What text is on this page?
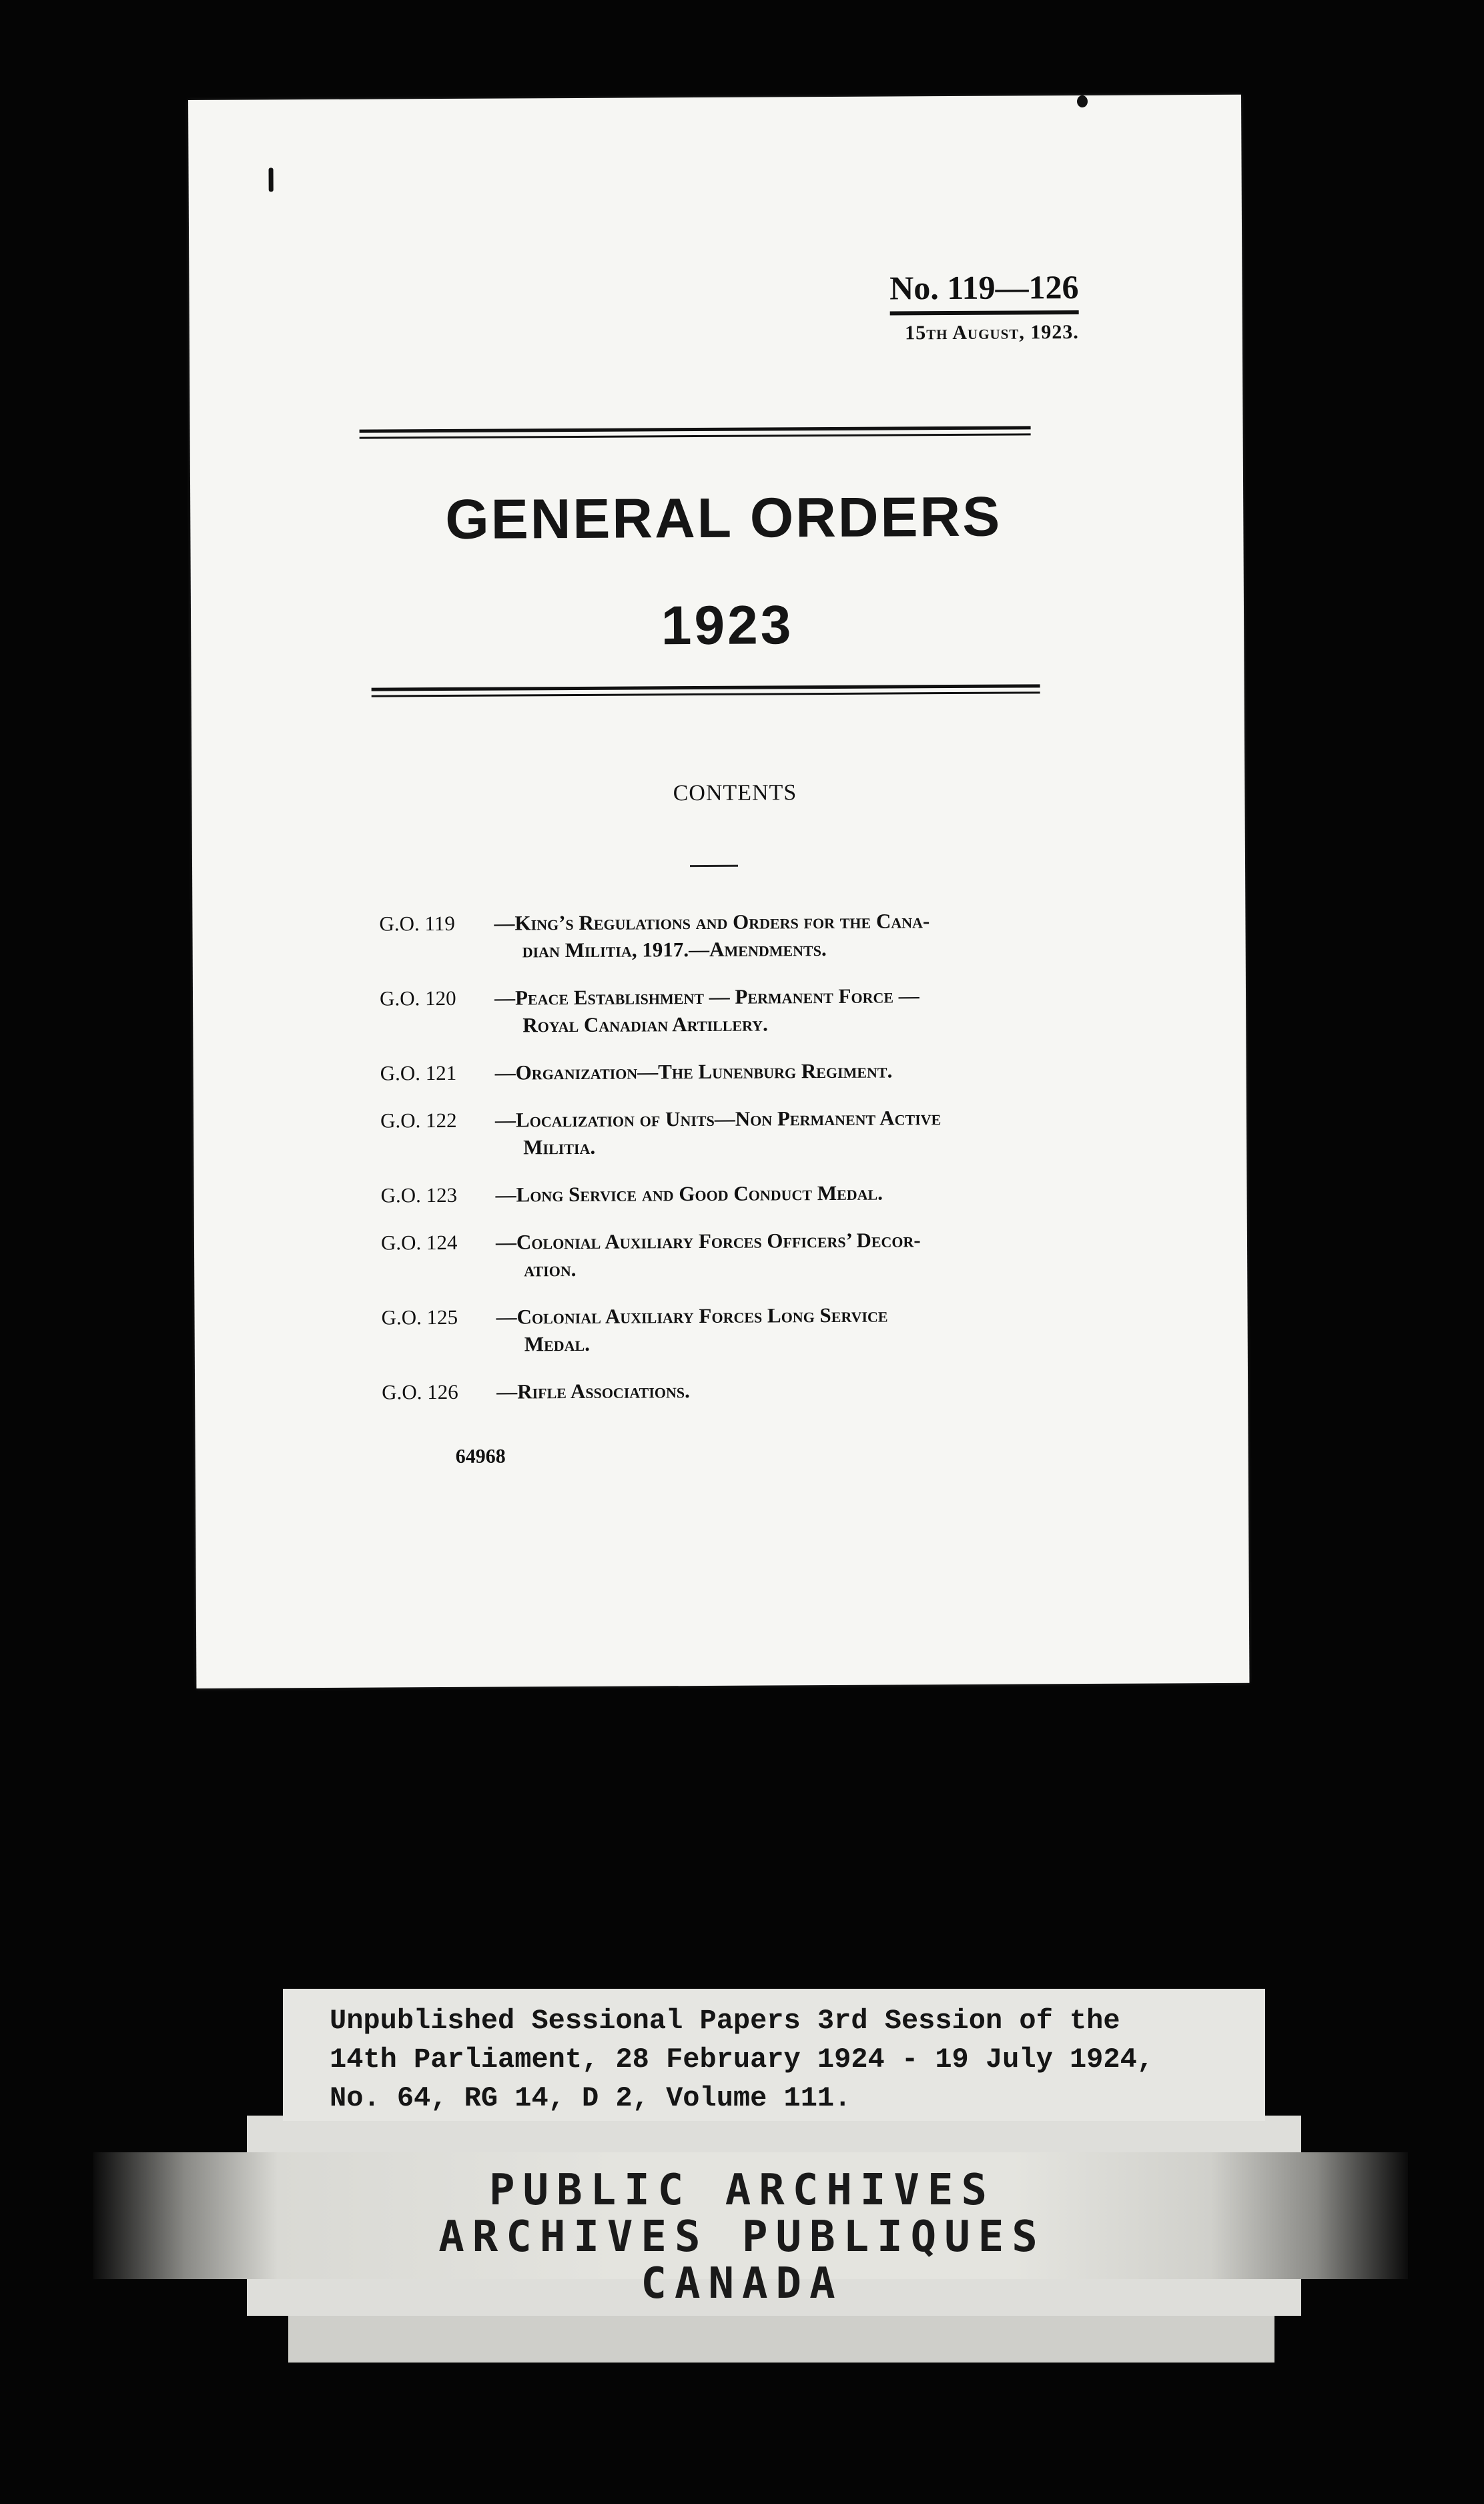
No. 119—126
15th August, 1923.
GENERAL ORDERS
1923
CONTENTS
G.O. 119	—King’s Regulations and Orders for the Cana-
dian Militia, 1917.—Amendments.
G.O. 120	—Peace Establishment — Permanent Force —
Royal Canadian Artillery.
G.O. 121	—Organization—The Lunenburg Regiment.
G.O. 122	—Localization of Units—Non Permanent Active
Militia.
G.O. 123	—Long Service and Good Conduct Medal.
G.O. 124	—Colonial Auxiliary Forces Officers’ Decor-
ation.
G.O. 125	—Colonial Auxiliary Forces Long Service
Medal.
G.O. 126	—Rifle Associations.
64968
Unpublished Sessional Papers 3rd Session of the
14th Parliament, 28 February 1924 - 19 July 1924,
No. 64, RG 14, D 2, Volume 111.
PUBLIC ARCHIVES
ARCHIVES PUBLIQUES
CANADA
